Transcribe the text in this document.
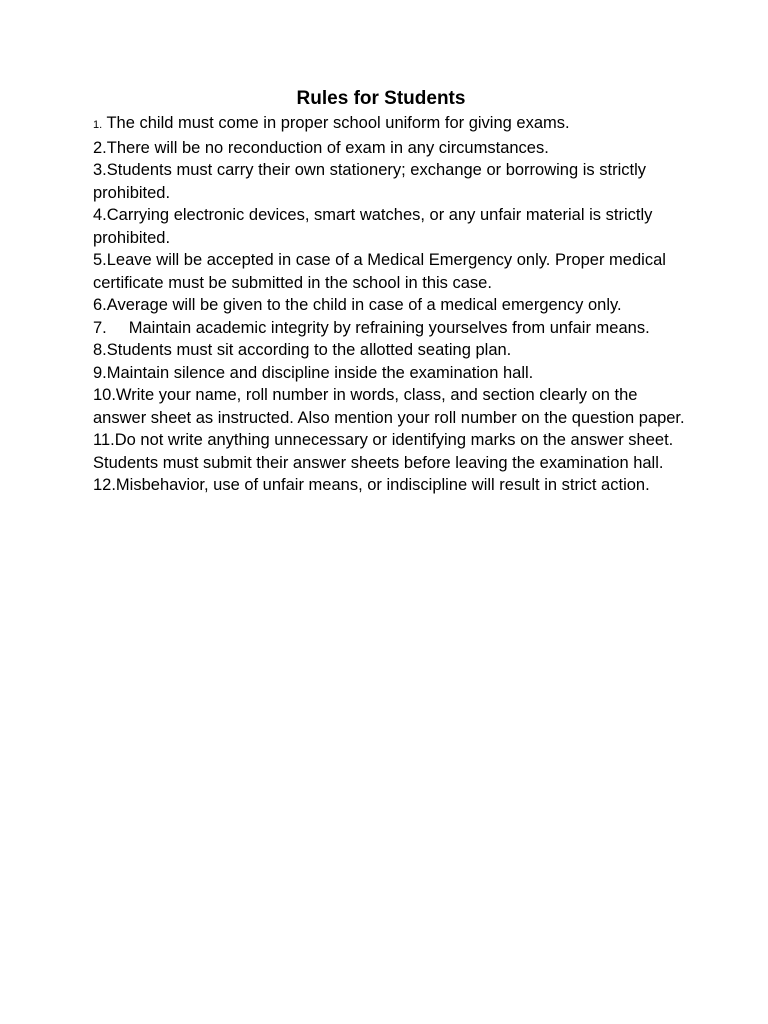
Rules for Students

1. The child must come in proper school uniform for giving exams.

2.There will be no reconduction of exam in any circumstances.

3.Students must carry their own stationery; exchange or borrowing is strictly prohibited.

4.Carrying electronic devices, smart watches, or any unfair material is strictly prohibited.

5.Leave will be accepted in case of a Medical Emergency only. Proper medical certificate must be submitted in the school in this case.

6.Average will be given to the child in case of a medical emergency only.

7. Maintain academic integrity by refraining yourselves from unfair means.

8.Students must sit according to the allotted seating plan.

9.Maintain silence and discipline inside the examination hall.

10.Write your name, roll number in words, class, and section clearly on the answer sheet as instructed. Also mention your roll number on the question paper.

11.Do not write anything unnecessary or identifying marks on the answer sheet.

Students must submit their answer sheets before leaving the examination hall.

12.Misbehavior, use of unfair means, or indiscipline will result in strict action.
